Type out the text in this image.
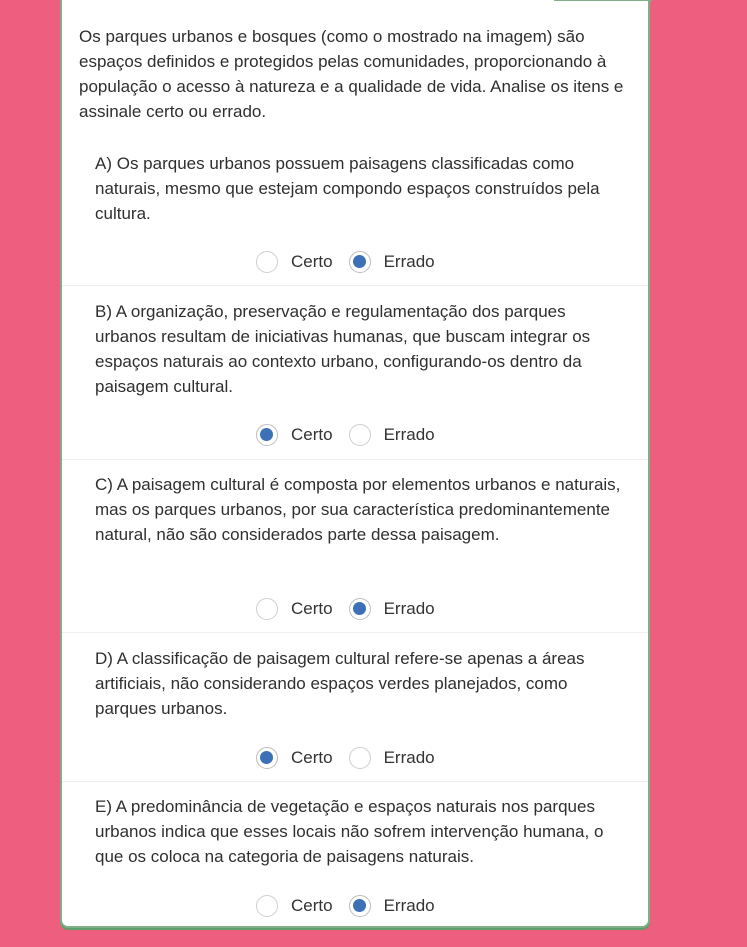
Os parques urbanos e bosques (como o mostrado na imagem) são espaços definidos e protegidos pelas comunidades, proporcionando à população o acesso à natureza e a qualidade de vida. Analise os itens e assinale certo ou errado.
A) Os parques urbanos possuem paisagens classificadas como naturais, mesmo que estejam compondo espaços construídos pela cultura.
Certo	Errado
B) A organização, preservação e regulamentação dos parques urbanos resultam de iniciativas humanas, que buscam integrar os espaços naturais ao contexto urbano, configurando-os dentro da paisagem cultural.
Certo	Errado
C) A paisagem cultural é composta por elementos urbanos e naturais, mas os parques urbanos, por sua característica predominantemente natural, não são considerados parte dessa paisagem.
Certo	Errado
D) A classificação de paisagem cultural refere-se apenas a áreas artificiais, não considerando espaços verdes planejados, como parques urbanos.
Certo	Errado
E) A predominância de vegetação e espaços naturais nos parques urbanos indica que esses locais não sofrem intervenção humana, o que os coloca na categoria de paisagens naturais.
Certo	Errado
